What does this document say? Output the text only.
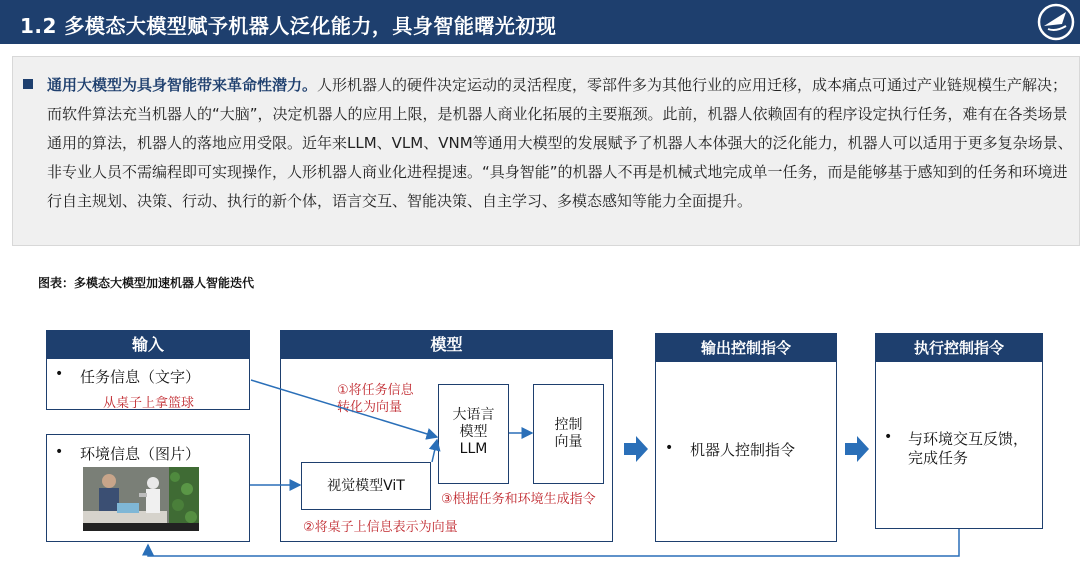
1.2 多模态大模型赋予机器人泛化能力，具身智能曙光初现
通用大模型为具身智能带来革命性潜力。人形机器人的硬件决定运动的灵活程度，零部件多为其他行业的应用迁移，成本痛点可通过产业链规模生产解决；而软件算法充当机器人的“大脑”，决定机器人的应用上限，是机器人商业化拓展的主要瓶颈。此前，机器人依赖固有的程序设定执行任务，难有在各类场景通用的算法，机器人的落地应用受限。近年来LLM、VLM、VNM等通用大模型的发展赋予了机器人本体强大的泛化能力，机器人可以适用于更多复杂场景、非专业人员不需编程即可实现操作，人形机器人商业化进程提速。“具身智能”的机器人不再是机械式地完成单一任务，而是能够基于感知到的任务和环境进行自主规划、决策、行动、执行的新个体，语言交互、智能决策、自主学习、多模态感知等能力全面提升。
图表：多模态大模型加速机器人智能迭代
输入
• 任务信息（文字）
从桌子上拿篮球
• 环境信息（图片）
模型
①将任务信息
转化为向量	大语言
模型
LLM
控制
向量
视觉模型ViT
③根据任务和环境生成指令
②将桌子上信息表示为向量
输出控制指令
• 机器人控制指令
执行控制指令
• 与环境交互反馈，
完成任务
